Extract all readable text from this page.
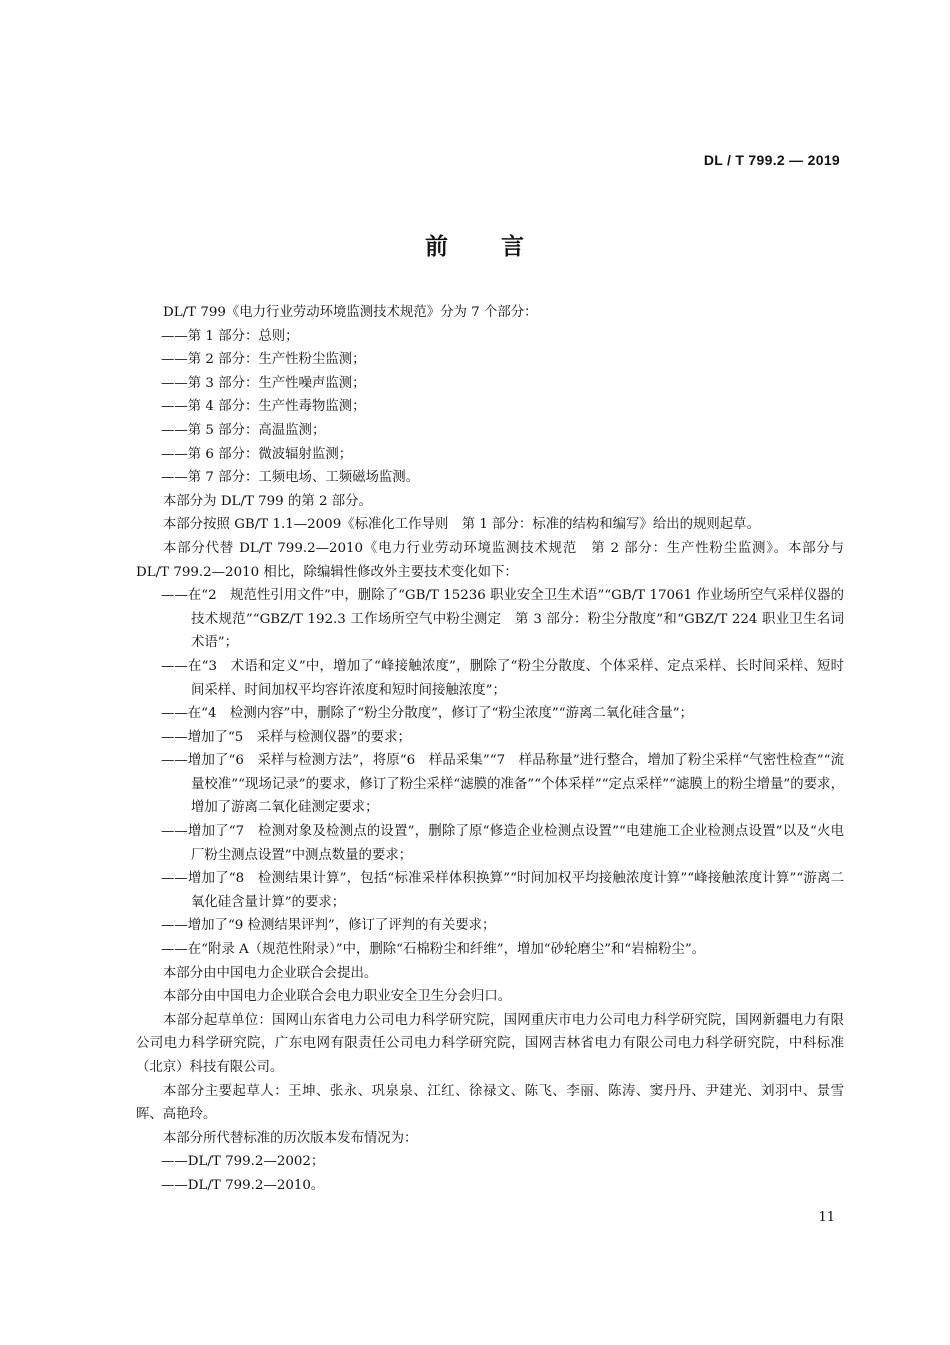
DL / T 799.2 — 2019
前 言

DL/T 799《电力行业劳动环境监测技术规范》分为 7 个部分：

——第 1 部分：总则；

——第 2 部分：生产性粉尘监测；

——第 3 部分：生产性噪声监测；

——第 4 部分：生产性毒物监测；

——第 5 部分：高温监测；

——第 6 部分：微波辐射监测；

——第 7 部分：工频电场、工频磁场监测。

本部分为 DL/T 799 的第 2 部分。

本部分按照 GB/T 1.1—2009《标准化工作导则　第 1 部分：标准的结构和编写》给出的规则起草。

本部分代替 DL/T 799.2—2010《电力行业劳动环境监测技术规范　第 2 部分：生产性粉尘监测》。本部分与 DL/T 799.2—2010 相比，除编辑性修改外主要技术变化如下：

——在“2　规范性引用文件”中，删除了“GB/T 15236 职业安全卫生术语”“GB/T 17061 作业场所空气采样仪器的技术规范”“GBZ/T 192.3 工作场所空气中粉尘测定　第 3 部分：粉尘分散度”和“GBZ/T 224 职业卫生名词术语”；

——在“3　术语和定义”中，增加了“峰接触浓度”，删除了“粉尘分散度、个体采样、定点采样、长时间采样、短时间采样、时间加权平均容许浓度和短时间接触浓度”；

——在“4　检测内容”中，删除了“粉尘分散度”，修订了“粉尘浓度”“游离二氧化硅含量”；

——增加了“5　采样与检测仪器”的要求；

——增加了“6　采样与检测方法”，将原“6　样品采集”“7　样品称量”进行整合，增加了粉尘采样“气密性检查”“流量校准”“现场记录”的要求，修订了粉尘采样“滤膜的准备”“个体采样”“定点采样”“滤膜上的粉尘增量”的要求，增加了游离二氧化硅测定要求；

——增加了“7　检测对象及检测点的设置”，删除了原“修造企业检测点设置”“电建施工企业检测点设置”以及“火电厂粉尘测点设置”中测点数量的要求；

——增加了“8　检测结果计算”，包括“标准采样体积换算”“时间加权平均接触浓度计算”“峰接触浓度计算”“游离二氧化硅含量计算”的要求；

——增加了“9 检测结果评判”，修订了评判的有关要求；

——在“附录 A（规范性附录）”中，删除“石棉粉尘和纤维”，增加“砂轮磨尘”和“岩棉粉尘”。

本部分由中国电力企业联合会提出。

本部分由中国电力企业联合会电力职业安全卫生分会归口。

本部分起草单位：国网山东省电力公司电力科学研究院，国网重庆市电力公司电力科学研究院，国网新疆电力有限公司电力科学研究院，广东电网有限责任公司电力科学研究院，国网吉林省电力有限公司电力科学研究院，中科标准（北京）科技有限公司。

本部分主要起草人：王坤、张永、巩泉泉、江红、徐禄文、陈飞、李丽、陈涛、窦丹丹、尹建光、刘羽中、景雪晖、高艳玲。

本部分所代替标准的历次版本发布情况为：

——DL/T 799.2—2002；

——DL/T 799.2—2010。

11
